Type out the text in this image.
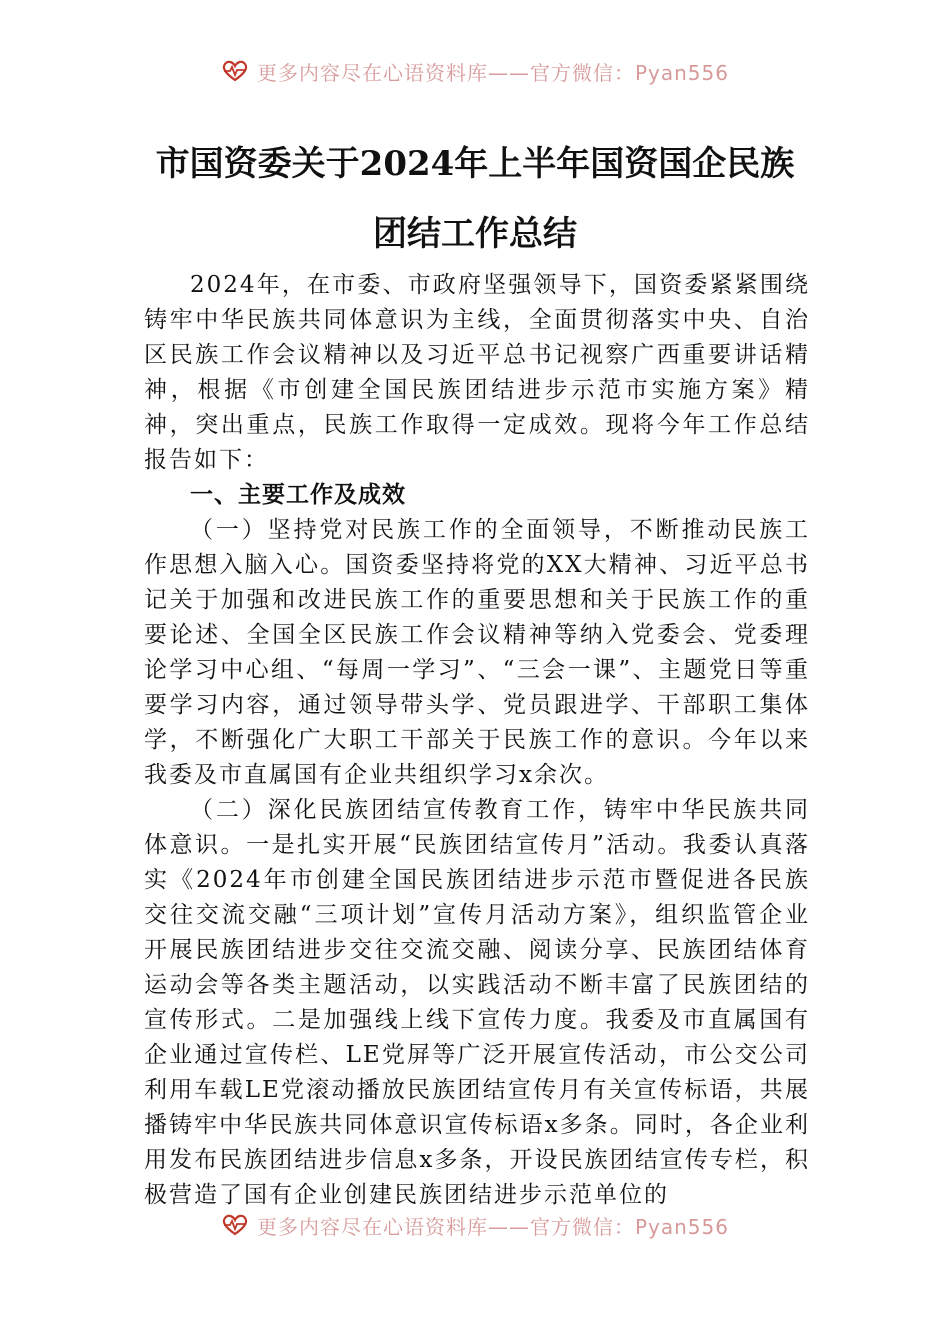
更多内容尽在心语资料库——官方微信：Pyan556
市国资委关于2024年上半年国资国企民族
团结工作总结

2024年，在市委、市政府坚强领导下，国资委紧紧围绕铸牢中华民族共同体意识为主线，全面贯彻落实中央、自治区民族工作会议精神以及习近平总书记视察广西重要讲话精神，根据《市创建全国民族团结进步示范市实施方案》精神，突出重点，民族工作取得一定成效。现将今年工作总结报告如下：

一、主要工作及成效

（一）坚持党对民族工作的全面领导，不断推动民族工作思想入脑入心。国资委坚持将党的XX大精神、习近平总书记关于加强和改进民族工作的重要思想和关于民族工作的重要论述、全国全区民族工作会议精神等纳入党委会、党委理论学习中心组、“每周一学习”、“三会一课”、主题党日等重要学习内容，通过领导带头学、党员跟进学、干部职工集体学，不断强化广大职工干部关于民族工作的意识。今年以来我委及市直属国有企业共组织学习x余次。

（二）深化民族团结宣传教育工作，铸牢中华民族共同体意识。一是扎实开展“民族团结宣传月”活动。我委认真落实《2024年市创建全国民族团结进步示范市暨促进各民族交往交流交融“三项计划”宣传月活动方案》，组织监管企业开展民族团结进步交往交流交融、阅读分享、民族团结体育运动会等各类主题活动，以实践活动不断丰富了民族团结的宣传形式。二是加强线上线下宣传力度。我委及市直属国有企业通过宣传栏、LE党屏等广泛开展宣传活动，市公交公司利用车载LE党滚动播放民族团结宣传月有关宣传标语，共展播铸牢中华民族共同体意识宣传标语x多条。同时，各企业利用发布民族团结进步信息x多条，开设民族团结宣传专栏，积极营造了国有企业创建民族团结进步示范单位的

更多内容尽在心语资料库——官方微信：Pyan556
